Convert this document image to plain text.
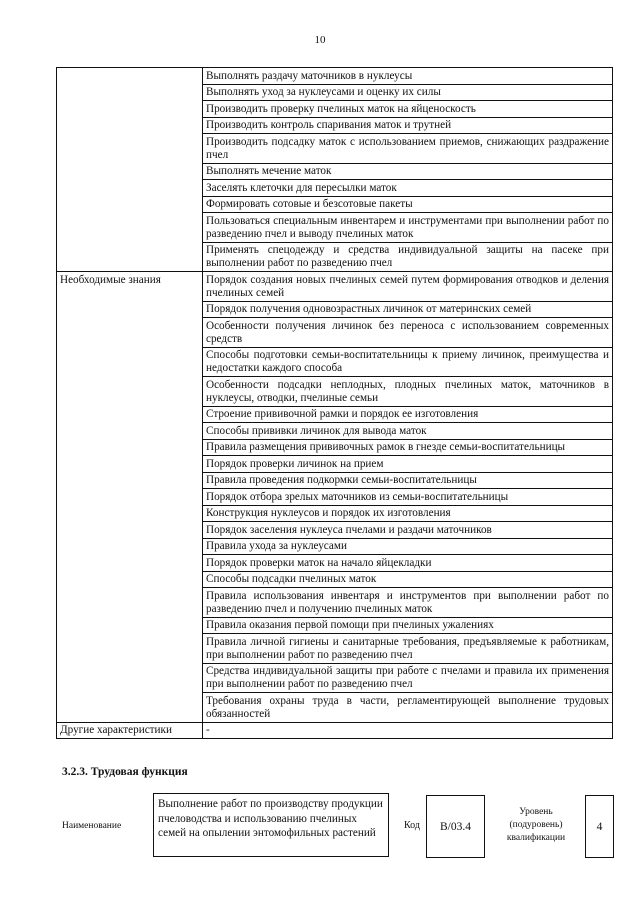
10
	Выполнять раздачу маточников в нуклеусы
	Выполнять уход за нуклеусами и оценку их силы
	Производить проверку пчелиных маток на яйценоскость
	Производить контроль спаривания маток и трутней
	Производить подсадку маток с использованием приемов, снижающих раздражение пчел
	Выполнять мечение маток
	Заселять клеточки для пересылки маток
	Формировать сотовые и безсотовые пакеты
	Пользоваться специальным инвентарем и инструментами при выполнении работ по разведению пчел и выводу пчелиных маток
	Применять спецодежду и средства индивидуальной защиты на пасеке при выполнении работ по разведению пчел
Необходимые знания	Порядок создания новых пчелиных семей путем формирования отводков и деления пчелиных семей
	Порядок получения одновозрастных личинок от материнских семей
	Особенности получения личинок без переноса с использованием современных средств
	Способы подготовки семьи-воспитательницы к приему личинок, преимущества и недостатки каждого способа
	Особенности подсадки неплодных, плодных пчелиных маток, маточников в нуклеусы, отводки, пчелиные семьи
	Строение прививочной рамки и порядок ее изготовления
	Способы прививки личинок для вывода маток
	Правила размещения прививочных рамок в гнезде семьи-воспитательницы
	Порядок проверки личинок на прием
	Правила проведения подкормки семьи-воспитательницы
	Порядок отбора зрелых маточников из семьи-воспитательницы
	Конструкция нуклеусов и порядок их изготовления
	Порядок заселения нуклеуса пчелами и раздачи маточников
	Правила ухода за нуклеусами
	Порядок проверки маток на начало яйцекладки
	Способы подсадки пчелиных маток
	Правила использования инвентаря и инструментов при выполнении работ по разведению пчел и получению пчелиных маток
	Правила оказания первой помощи при пчелиных ужалениях
	Правила личной гигиены и санитарные требования, предъявляемые к работникам, при выполнении работ по разведению пчел
	Средства индивидуальной защиты при работе с пчелами и правила их применения при выполнении работ по разведению пчел
	Требования охраны труда в части, регламентирующей выполнение трудовых обязанностей
Другие характеристики	-
3.2.3. Трудовая функция
Наименование
Выполнение работ по производству продукции пчеловодства и использованию пчелиных семей на опылении энтомофильных растений
Код	B/03.4
Уровень (подуровень) квалификации
4
